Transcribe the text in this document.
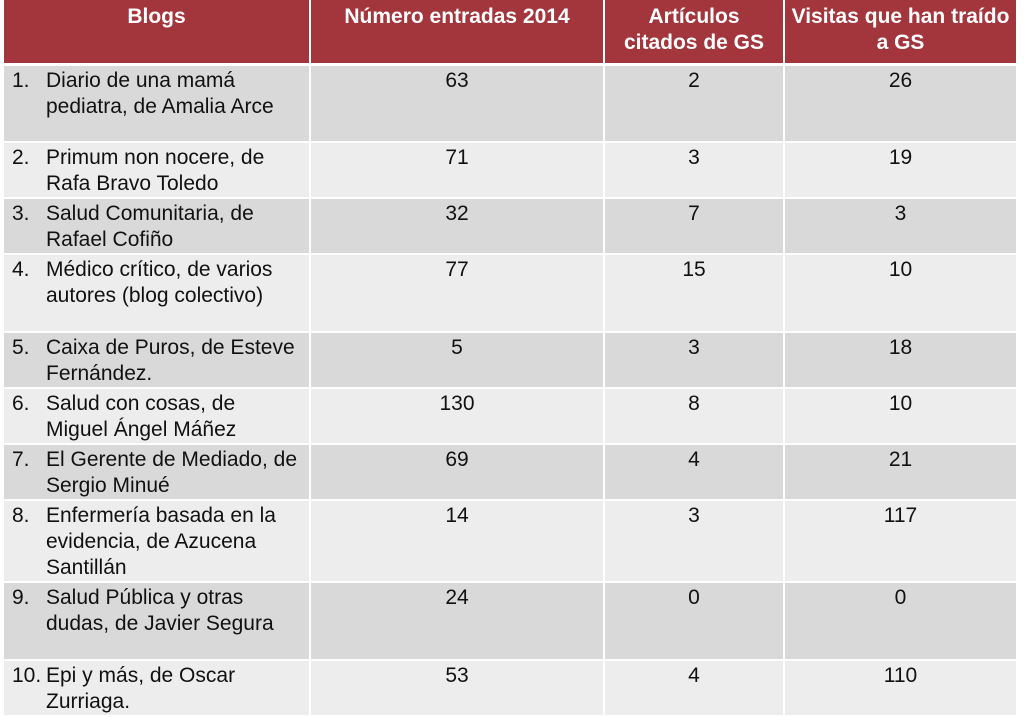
Blogs	Número entradas 2014	Artículos citados de GS	Visitas que han traído a GS

1. Diario de una mamá pediatra, de Amalia Arce	63	2	26

2. Primum non nocere, de Rafa Bravo Toledo	71	3	19

3. Salud Comunitaria, de Rafael Cofiño	32	7	3

4. Médico crítico, de varios autores (blog colectivo)	77	15	10

5. Caixa de Puros, de Esteve Fernández.	5	3	18

6. Salud con cosas, de Miguel Ángel Máñez	130	8	10

7. El Gerente de Mediado, de Sergio Minué	69	4	21

8. Enfermería basada en la evidencia, de Azucena Santillán	14	3	117

9. Salud Pública y otras dudas, de Javier Segura	24	0	0

10. Epi y más, de Oscar Zurriaga.	53	4	110
